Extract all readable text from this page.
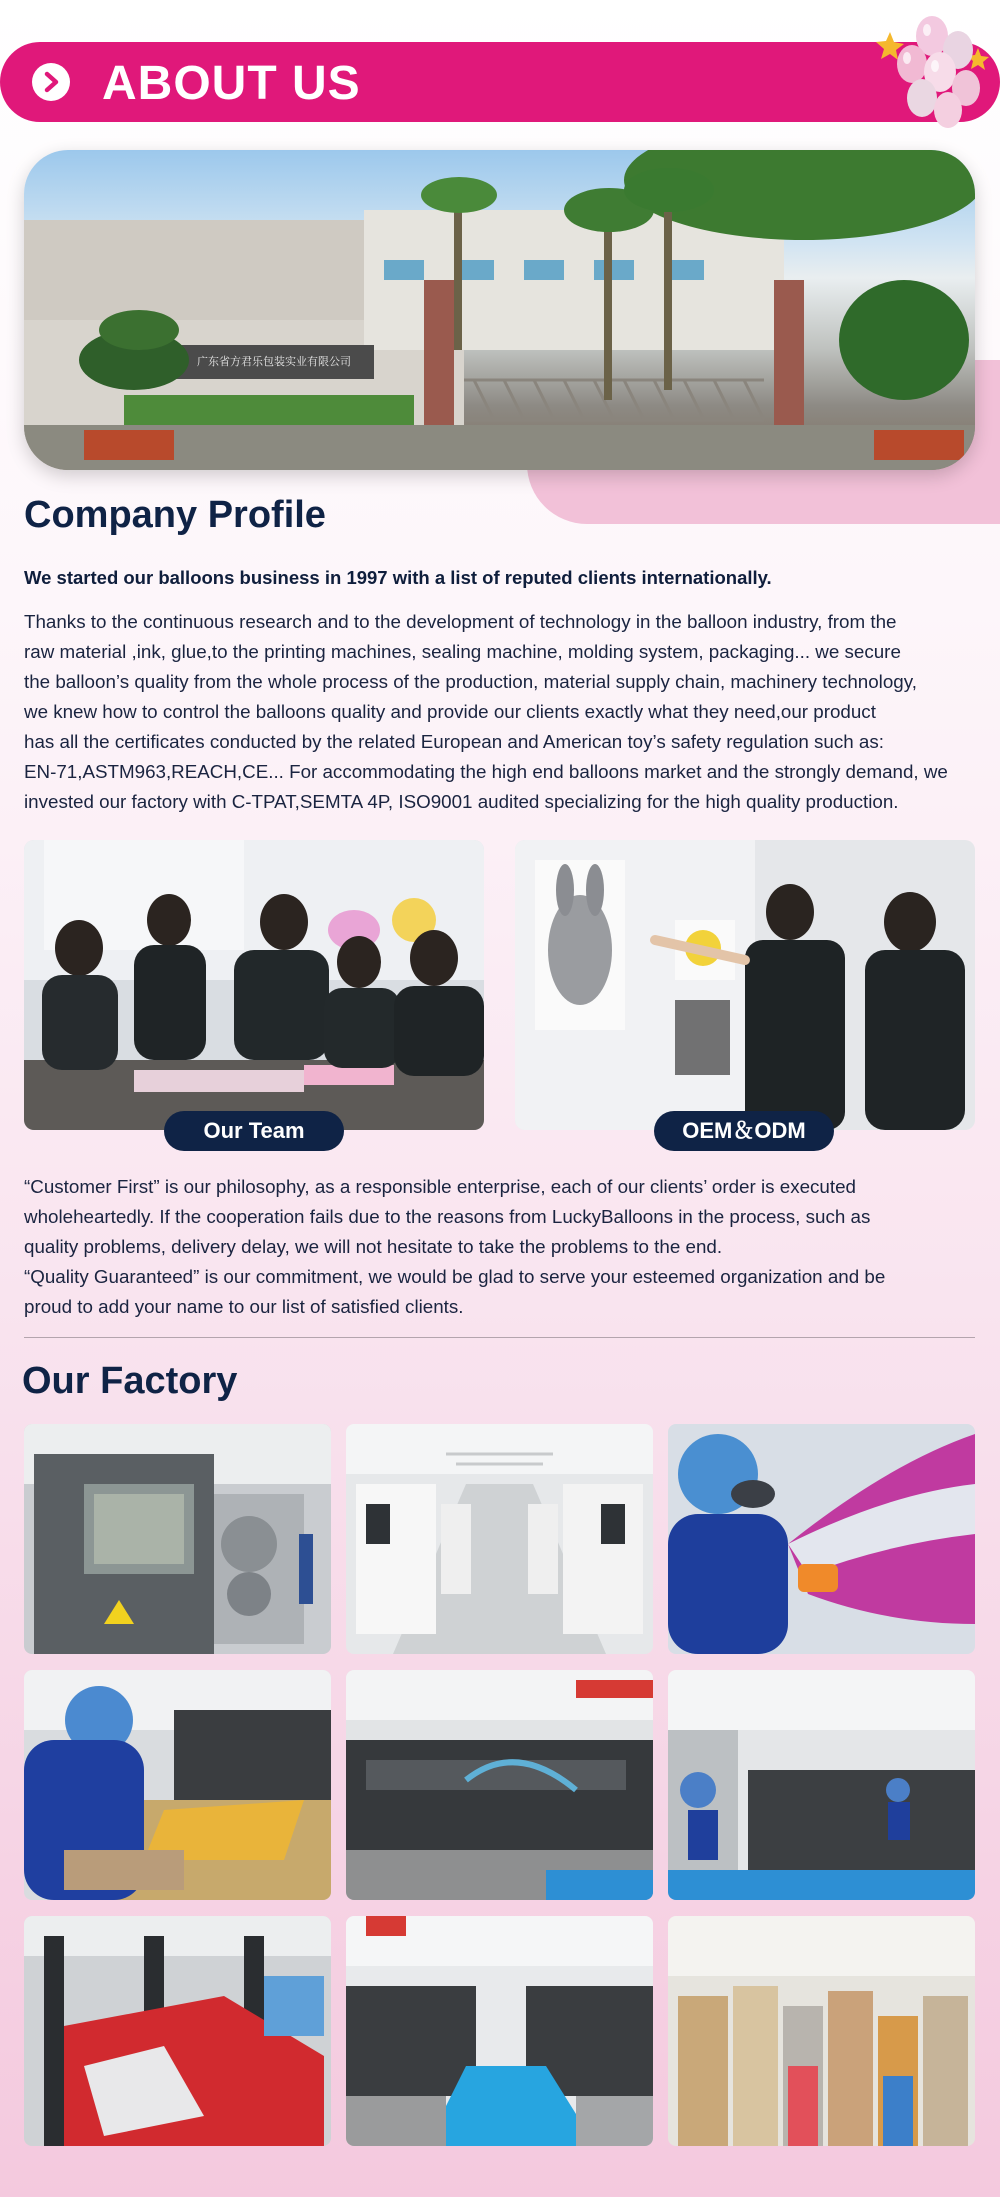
ABOUT US
广东省方君乐包装实业有限公司
Company Profile
We started our balloons business in 1997 with a list of reputed clients internationally.

Thanks to the continuous research and to the development of technology in the balloon industry, from the

raw material ,ink, glue,to the printing machines, sealing machine, molding system, packaging... we secure

the balloon’s quality from the whole process of the production, material supply chain, machinery technology,

we knew how to control the balloons quality and provide our clients exactly what they need,our product

has all the certificates conducted by the related European and American toy’s safety regulation such as:

EN-71,ASTM963,REACH,CE... For accommodating the high end balloons market and the strongly demand, we

invested our factory with C-TPAT,SEMTA 4P, ISO9001 audited specializing for the high quality production.

Our Team	OEM＆ODM

“Customer First” is our philosophy, as a responsible enterprise, each of our clients’ order is executed

wholeheartedly. If the cooperation fails due to the reasons from LuckyBalloons in the process, such as

quality problems, delivery delay, we will not hesitate to take the problems to the end.

“Quality Guaranteed” is our commitment, we would be glad to serve your esteemed organization and be

proud to add your name to our list of satisfied clients.

Our Factory
